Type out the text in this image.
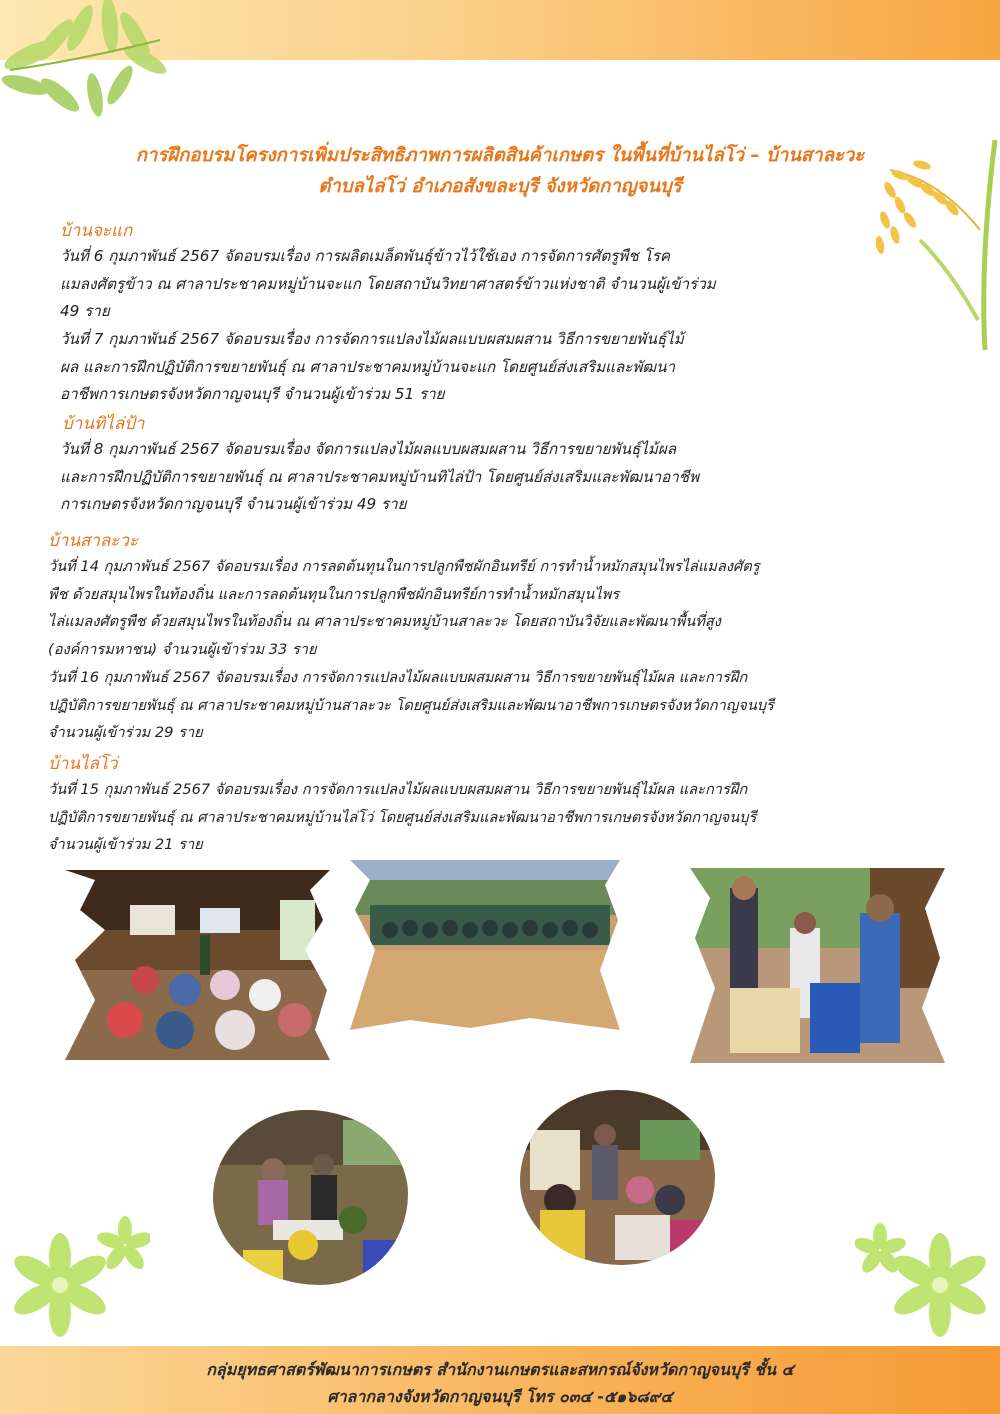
การฝึกอบรมโครงการเพิ่มประสิทธิภาพการผลิตสินค้าเกษตร ในพื้นที่บ้านไล่โว่ – บ้านสาละวะ
ตำบลไล่โว่ อำเภอสังขละบุรี จังหวัดกาญจนบุรี
บ้านจะแก
วันที่ 6 กุมภาพันธ์ 2567 จัดอบรมเรื่อง การผลิตเมล็ดพันธุ์ข้าวไว้ใช้เอง การจัดการศัตรูพืช โรค
แมลงศัตรูข้าว ณ ศาลาประชาคมหมู่บ้านจะแก โดยสถาบันวิทยาศาสตร์ข้าวแห่งชาติ จำนวนผู้เข้าร่วม
49 ราย
วันที่ 7 กุมภาพันธ์ 2567 จัดอบรมเรื่อง การจัดการแปลงไม้ผลแบบผสมผสาน วิธีการขยายพันธุ์ไม้
ผล และการฝึกปฏิบัติการขยายพันธุ์ ณ ศาลาประชาคมหมู่บ้านจะแก โดยศูนย์ส่งเสริมและพัฒนา
อาชีพการเกษตรจังหวัดกาญจนบุรี จำนวนผู้เข้าร่วม 51 ราย
บ้านทิไล่ป้า
วันที่ 8 กุมภาพันธ์ 2567 จัดอบรมเรื่อง จัดการแปลงไม้ผลแบบผสมผสาน วิธีการขยายพันธุ์ไม้ผล
และการฝึกปฏิบัติการขยายพันธุ์ ณ ศาลาประชาคมหมู่บ้านทิไล่ป้า โดยศูนย์ส่งเสริมและพัฒนาอาชีพ
การเกษตรจังหวัดกาญจนบุรี จำนวนผู้เข้าร่วม 49 ราย
บ้านสาละวะ
วันที่ 14 กุมภาพันธ์ 2567 จัดอบรมเรื่อง การลดต้นทุนในการปลูกพืชผักอินทรีย์ การทำน้ำหมักสมุนไพรไล่แมลงศัตรู
พืช ด้วยสมุนไพรในท้องถิ่น และการลดต้นทุนในการปลูกพืชผักอินทรีย์การทำน้ำหมักสมุนไพร
ไล่แมลงศัตรูพืช ด้วยสมุนไพรในท้องถิ่น ณ ศาลาประชาคมหมู่บ้านสาละวะ โดยสถาบันวิจัยและพัฒนาพื้นที่สูง
(องค์การมหาชน) จำนวนผู้เข้าร่วม 33 ราย
วันที่ 16 กุมภาพันธ์ 2567 จัดอบรมเรื่อง การจัดการแปลงไม้ผลแบบผสมผสาน วิธีการขยายพันธุ์ไม้ผล และการฝึก
ปฏิบัติการขยายพันธุ์ ณ ศาลาประชาคมหมู่บ้านสาละวะ โดยศูนย์ส่งเสริมและพัฒนาอาชีพการเกษตรจังหวัดกาญจนบุรี
จำนวนผู้เข้าร่วม 29 ราย
บ้านไล่โว่
วันที่ 15 กุมภาพันธ์ 2567 จัดอบรมเรื่อง การจัดการแปลงไม้ผลแบบผสมผสาน วิธีการขยายพันธุ์ไม้ผล และการฝึก
ปฏิบัติการขยายพันธุ์ ณ ศาลาประชาคมหมู่บ้านไล่โว่ โดยศูนย์ส่งเสริมและพัฒนาอาชีพการเกษตรจังหวัดกาญจนบุรี
จำนวนผู้เข้าร่วม 21 ราย
กลุ่มยุทธศาสตร์พัฒนาการเกษตร สำนักงานเกษตรและสหกรณ์จังหวัดกาญจนบุรี ชั้น ๔
ศาลากลางจังหวัดกาญจนบุรี โทร ๐๓๔ -๕๑๖๘๙๔
